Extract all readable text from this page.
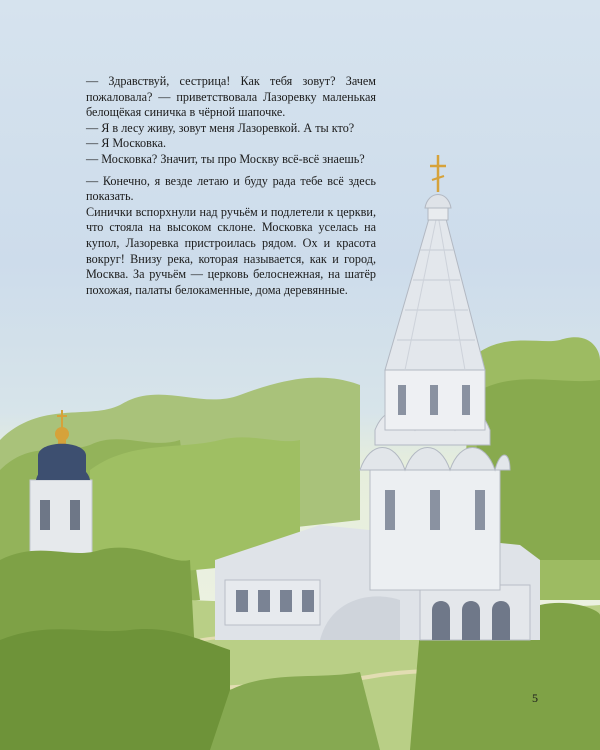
— Здравствуй, сестрица! Как тебя зовут? Зачем пожаловала? — приветствовала Лазоревку маленькая белощёкая синичка в чёрной шапочке.

— Я в лесу живу, зовут меня Лазоревкой. А ты кто?

— Я Московка.

— Московка? Значит, ты про Москву всё-всё знаешь?

— Конечно, я везде летаю и буду рада тебе всё здесь показать.

Синички вспорхнули над ручьём и подлетели к церкви, что стояла на высоком склоне. Московка уселась на купол, Лазоревка пристроилась рядом. Ох и красота вокруг! Внизу река, которая называется, как и город, Москва. За ручьём — церковь белоснежная, на шатёр похожая, палаты белокаменные, дома деревянные.

5
